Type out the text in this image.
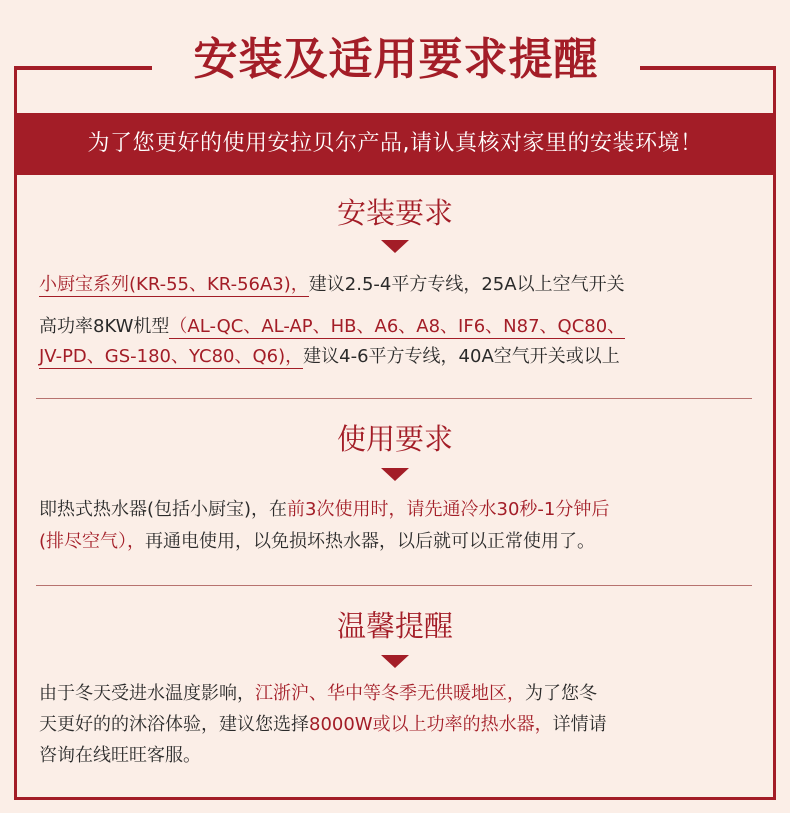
安装及适用要求提醒
为了您更好的使用安拉贝尔产品,请认真核对家里的安装环境！
安装要求
小厨宝系列(KR-55、KR-56A3)，建议2.5-4平方专线，25A以上空气开关
高功率8KW机型（AL-QC、AL-AP、HB、A6、A8、IF6、N87、QC80、
JV-PD、GS-180、YC80、Q6)，建议4-6平方专线，40A空气开关或以上
使用要求
即热式热水器(包括小厨宝)，在前3次使用时，请先通冷水30秒-1分钟后
(排尽空气），再通电使用，以免损坏热水器，以后就可以正常使用了。
温馨提醒
由于冬天受进水温度影响，江浙沪、华中等冬季无供暖地区，为了您冬
天更好的的沐浴体验，建议您选择8000W或以上功率的热水器，详情请
咨询在线旺旺客服。
